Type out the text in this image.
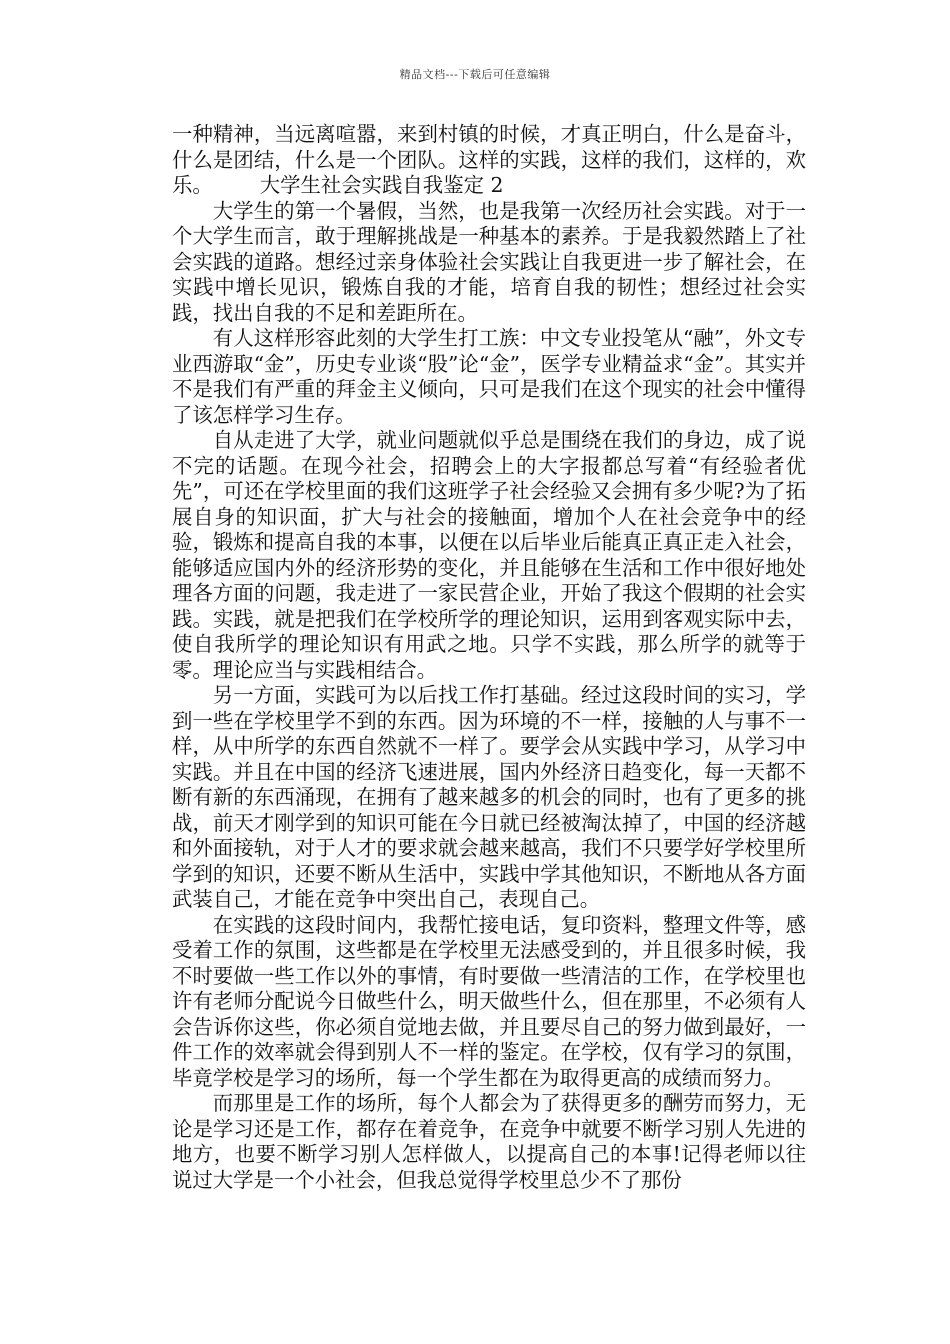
精品文档---下载后可任意编辑

一种精神，当远离喧嚣，来到村镇的时候，才真正明白，什么是奋斗，什么是团结，什么是一个团队。这样的实践，这样的我们，这样的，欢乐。 大学生社会实践自我鉴定 2

大学生的第一个暑假，当然，也是我第一次经历社会实践。对于一个大学生而言，敢于理解挑战是一种基本的素养。于是我毅然踏上了社会实践的道路。想经过亲身体验社会实践让自我更进一步了解社会，在实践中增长见识，锻炼自我的才能，培育自我的韧性；想经过社会实践，找出自我的不足和差距所在。

有人这样形容此刻的大学生打工族：中文专业投笔从“融”，外文专业西游取“金”，历史专业谈“股”论“金”，医学专业精益求“金”。其实并不是我们有严重的拜金主义倾向，只可是我们在这个现实的社会中懂得了该怎样学习生存。

自从走进了大学，就业问题就似乎总是围绕在我们的身边，成了说不完的话题。在现今社会，招聘会上的大字报都总写着“有经验者优先”，可还在学校里面的我们这班学子社会经验又会拥有多少呢?为了拓展自身的知识面，扩大与社会的接触面，增加个人在社会竞争中的经验，锻炼和提高自我的本事，以便在以后毕业后能真正真正走入社会，能够适应国内外的经济形势的变化，并且能够在生活和工作中很好地处理各方面的问题，我走进了一家民营企业，开始了我这个假期的社会实践。实践，就是把我们在学校所学的理论知识，运用到客观实际中去，使自我所学的理论知识有用武之地。只学不实践，那么所学的就等于零。理论应当与实践相结合。

另一方面，实践可为以后找工作打基础。经过这段时间的实习，学到一些在学校里学不到的东西。因为环境的不一样，接触的人与事不一样，从中所学的东西自然就不一样了。要学会从实践中学习，从学习中实践。并且在中国的经济飞速进展，国内外经济日趋变化，每一天都不断有新的东西涌现，在拥有了越来越多的机会的同时，也有了更多的挑战，前天才刚学到的知识可能在今日就已经被淘汰掉了，中国的经济越和外面接轨，对于人才的要求就会越来越高，我们不只要学好学校里所学到的知识，还要不断从生活中，实践中学其他知识，不断地从各方面武装自己，才能在竞争中突出自己，表现自己。

在实践的这段时间内，我帮忙接电话，复印资料，整理文件等，感受着工作的氛围，这些都是在学校里无法感受到的，并且很多时候，我不时要做一些工作以外的事情，有时要做一些清洁的工作，在学校里也许有老师分配说今日做些什么，明天做些什么，但在那里，不必须有人会告诉你这些，你必须自觉地去做，并且要尽自己的努力做到最好，一件工作的效率就会得到别人不一样的鉴定。在学校，仅有学习的氛围，毕竟学校是学习的场所，每一个学生都在为取得更高的成绩而努力。

而那里是工作的场所，每个人都会为了获得更多的酬劳而努力，无论是学习还是工作，都存在着竞争，在竞争中就要不断学习别人先进的地方，也要不断学习别人怎样做人，以提高自己的本事!记得老师以往说过大学是一个小社会，但我总觉得学校里总少不了那份
